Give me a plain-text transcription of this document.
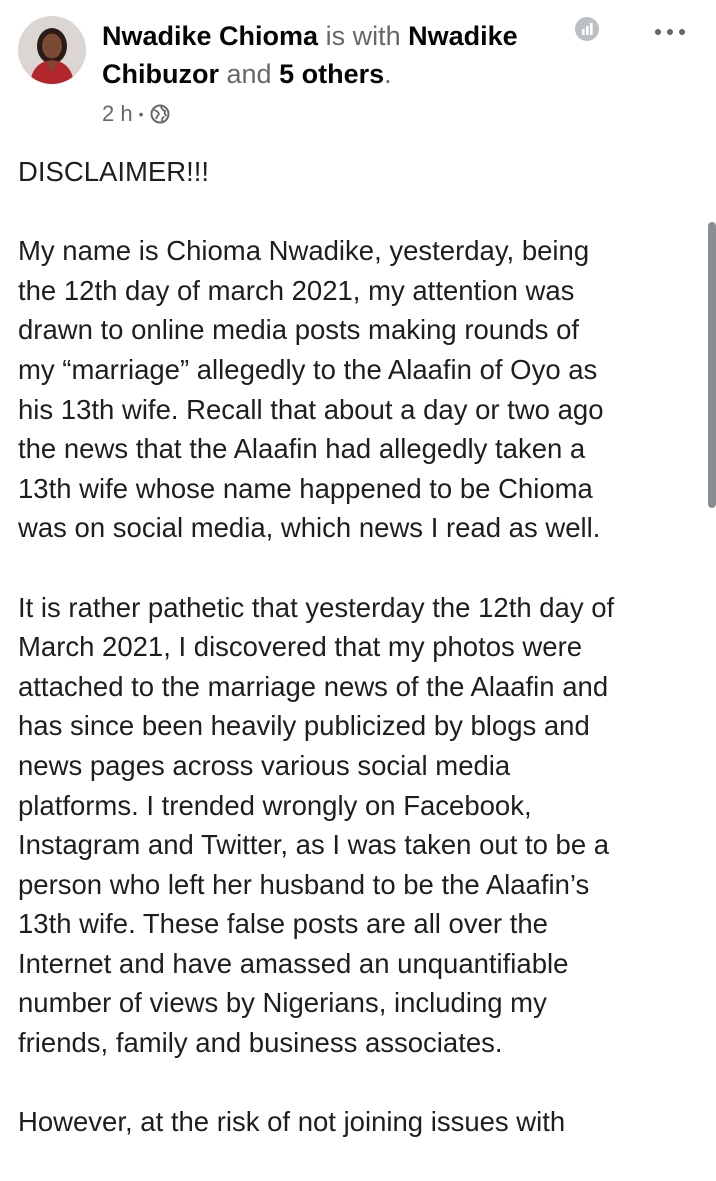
Nwadike Chioma is with Nwadike
Chibuzor and 5 others.
2 h •

DISCLAIMER!!!

My name is Chioma Nwadike, yesterday, being
the 12th day of march 2021, my attention was
drawn to online media posts making rounds of
my “marriage” allegedly to the Alaafin of Oyo as
his 13th wife. Recall that about a day or two ago
the news that the Alaafin had allegedly taken a
13th wife whose name happened to be Chioma
was on social media, which news I read as well.

It is rather pathetic that yesterday the 12th day of
March 2021, I discovered that my photos were
attached to the marriage news of the Alaafin and
has since been heavily publicized by blogs and
news pages across various social media
platforms. I trended wrongly on Facebook,
Instagram and Twitter, as I was taken out to be a
person who left her husband to be the Alaafin’s
13th wife. These false posts are all over the
Internet and have amassed an unquantifiable
number of views by Nigerians, including my
friends, family and business associates.

However, at the risk of not joining issues with
